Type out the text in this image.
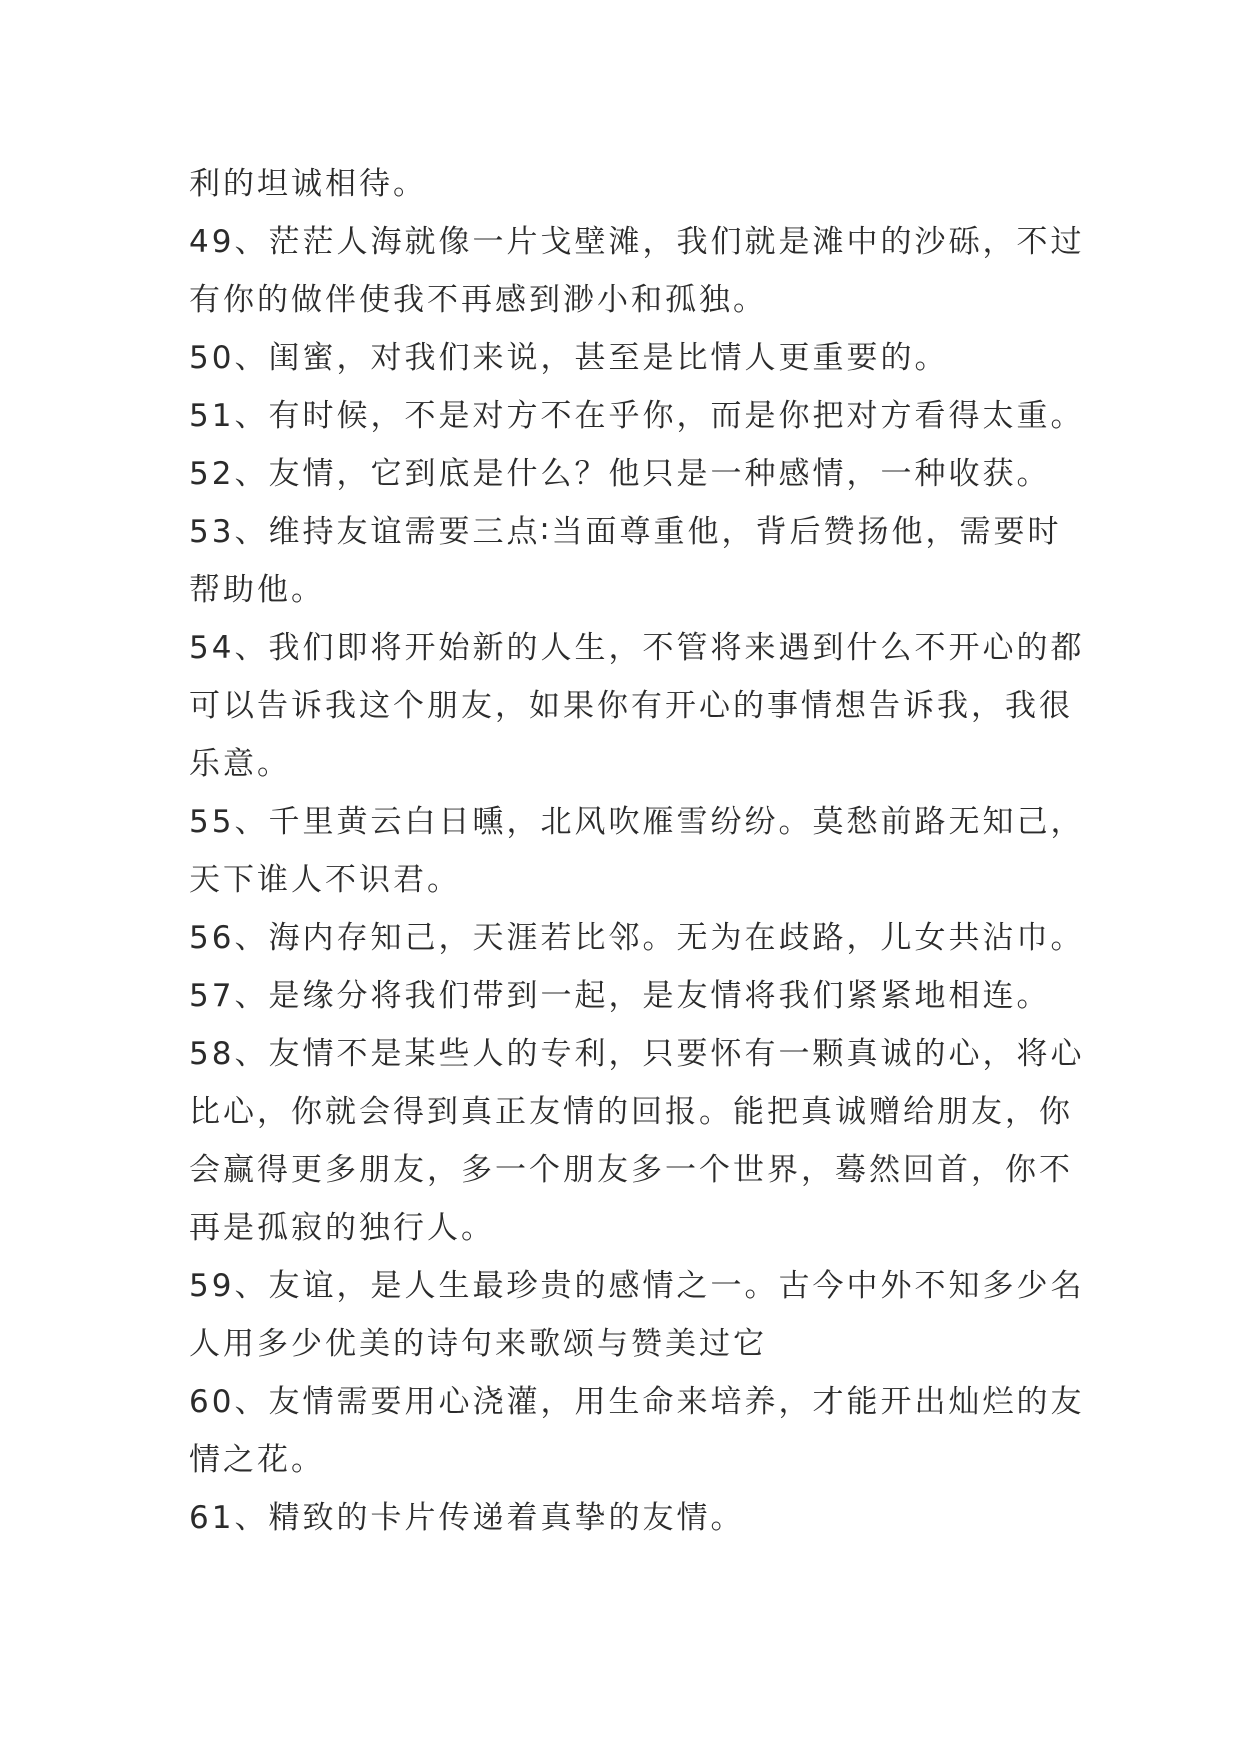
利的坦诚相待。
49、茫茫人海就像一片戈壁滩，我们就是滩中的沙砾，不过
有你的做伴使我不再感到渺小和孤独。
50、闺蜜，对我们来说，甚至是比情人更重要的。
51、有时候，不是对方不在乎你，而是你把对方看得太重。
52、友情，它到底是什么？他只是一种感情，一种收获。
53、维持友谊需要三点∶当面尊重他，背后赞扬他，需要时
帮助他。
54、我们即将开始新的人生，不管将来遇到什么不开心的都
可以告诉我这个朋友，如果你有开心的事情想告诉我，我很
乐意。
55、千里黄云白日曛，北风吹雁雪纷纷。莫愁前路无知己，
天下谁人不识君。
56、海内存知己，天涯若比邻。无为在歧路，儿女共沾巾。
57、是缘分将我们带到一起，是友情将我们紧紧地相连。
58、友情不是某些人的专利，只要怀有一颗真诚的心，将心
比心，你就会得到真正友情的回报。能把真诚赠给朋友，你
会赢得更多朋友，多一个朋友多一个世界，蓦然回首，你不
再是孤寂的独行人。
59、友谊，是人生最珍贵的感情之一。古今中外不知多少名
人用多少优美的诗句来歌颂与赞美过它
60、友情需要用心浇灌，用生命来培养，才能开出灿烂的友
情之花。
61、精致的卡片传递着真挚的友情。
